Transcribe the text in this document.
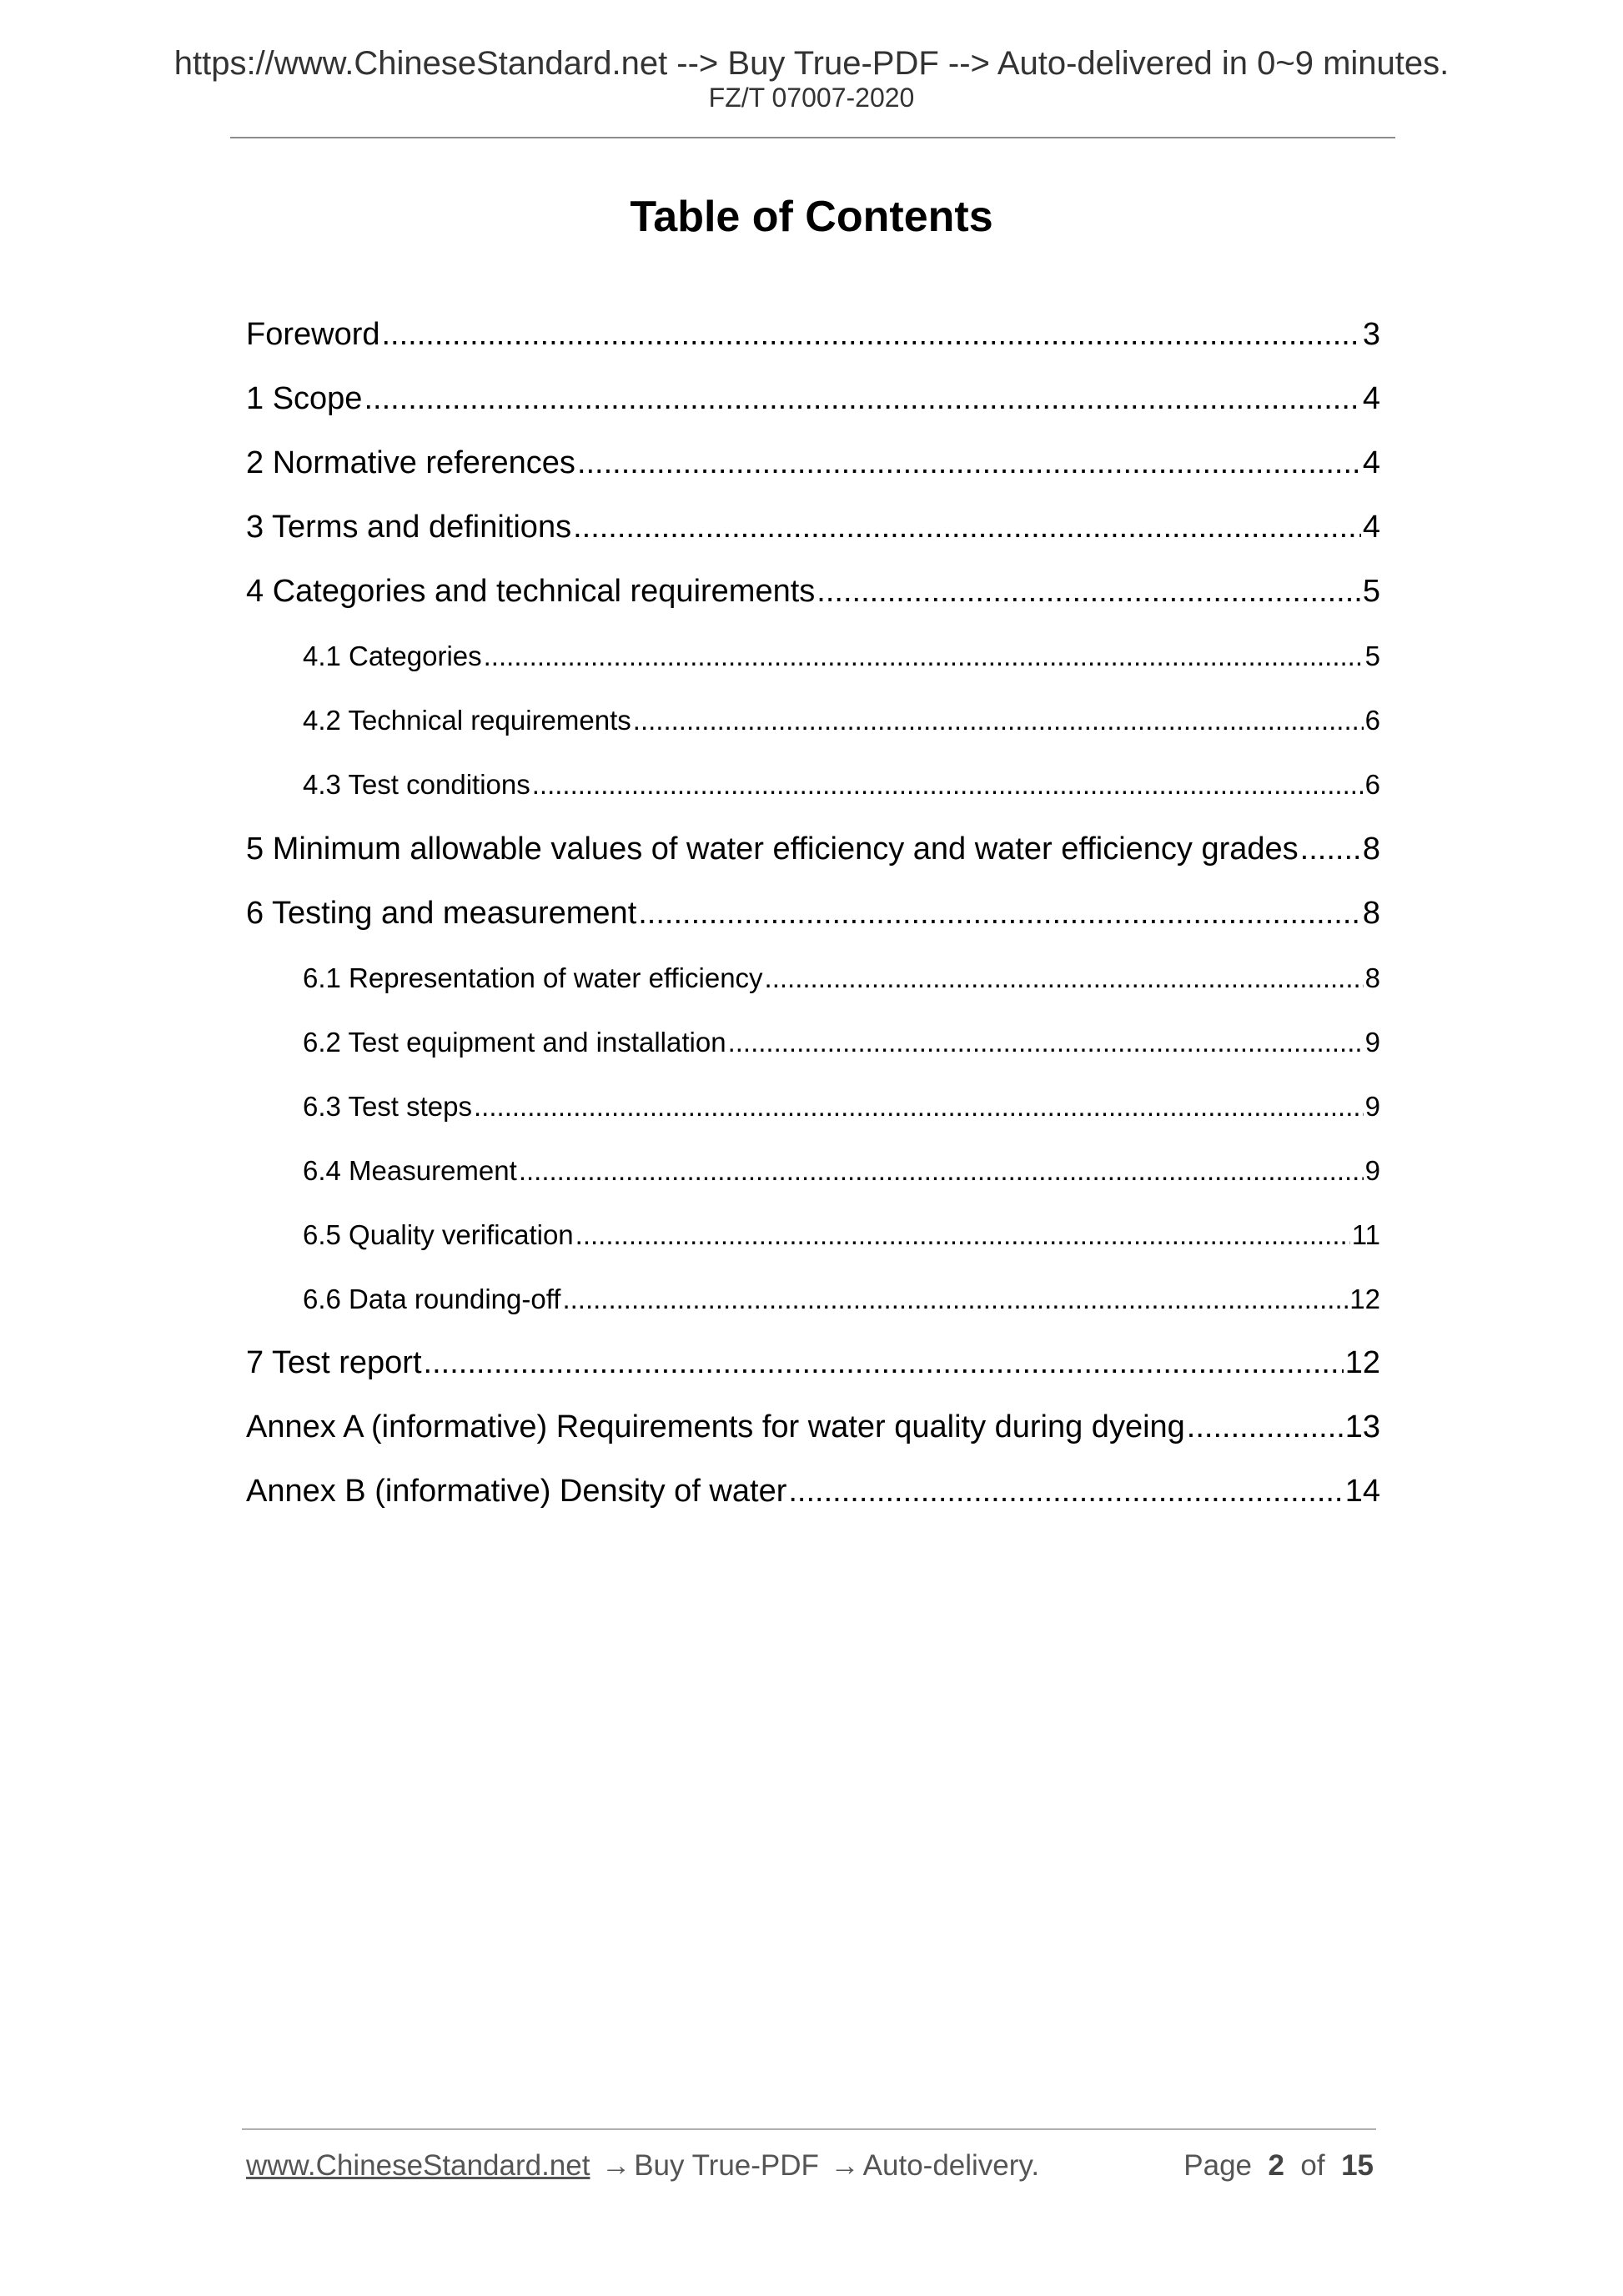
https://www.ChineseStandard.net --> Buy True-PDF --> Auto-delivered in 0~9 minutes.
FZ/T 07007-2020
Table of Contents
Foreword .....	3
1 Scope .....	4
2 Normative references .....	4
3 Terms and definitions .....	4
4 Categories and technical requirements .....	5
4.1 Categories .....	5
4.2 Technical requirements .....	6
4.3 Test conditions .....	6
5 Minimum allowable values of water efficiency and water efficiency grades ..... 8
6 Testing and measurement .....	8
6.1 Representation of water efficiency .....	8
6.2 Test equipment and installation .....	9
6.3 Test steps .....	9
6.4 Measurement .....	9
6.5 Quality verification .....	11
6.6 Data rounding-off .....	12
7 Test report .....	12
Annex A (informative) Requirements for water quality during dyeing .....	13
Annex B (informative) Density of water .....	14
www.ChineseStandard.net → Buy True-PDF → Auto-delivery.	Page 2 of 15
